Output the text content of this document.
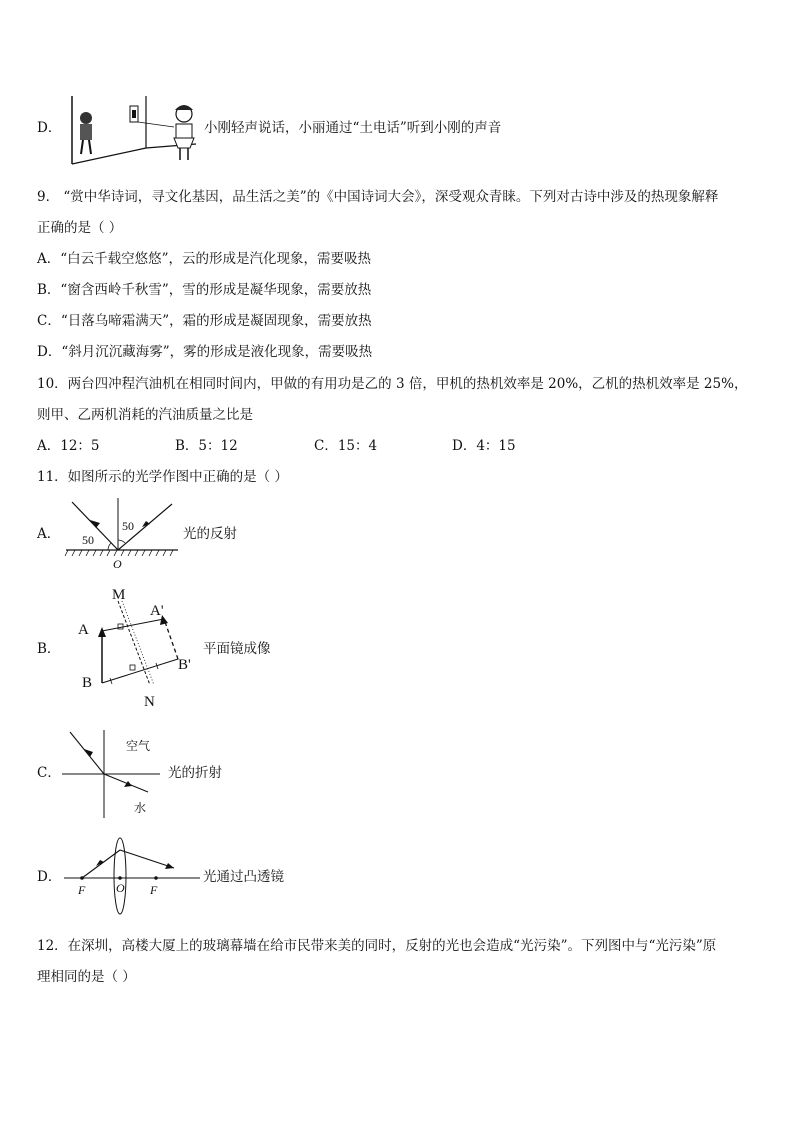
D．	小刚轻声说话，小丽通过“土电话”听到小刚的声音
9． “赏中华诗词，寻文化基因，品生活之美”的《中国诗词大会》，深受观众青睐。下列对古诗中涉及的热现象解释
正确的是（ ）
A．“白云千载空悠悠”，云的形成是汽化现象，需要吸热
B．“窗含西岭千秋雪”，雪的形成是凝华现象，需要放热
C．“日落乌啼霜满天”，霜的形成是凝固现象，需要放热
D．“斜月沉沉藏海雾”，雾的形成是液化现象，需要吸热
10．两台四冲程汽油机在相同时间内，甲做的有用功是乙的 3 倍，甲机的热机效率是 20%，乙机的热机效率是 25%，
则甲、乙两机消耗的汽油质量之比是
A．12：5	B．5：12	C．15：4	D．4：15
11．如图所示的光学作图中正确的是（ ）
A． 50
50
O
光的反射
B．
M
N
A
B
A'
B'
平面镜成像
C．
空气
水
光的折射
D．
F	O F
光通过凸透镜
12．在深圳，高楼大厦上的玻璃幕墙在给市民带来美的同时，反射的光也会造成“光污染”。下列图中与“光污染”原
理相同的是（ ）
